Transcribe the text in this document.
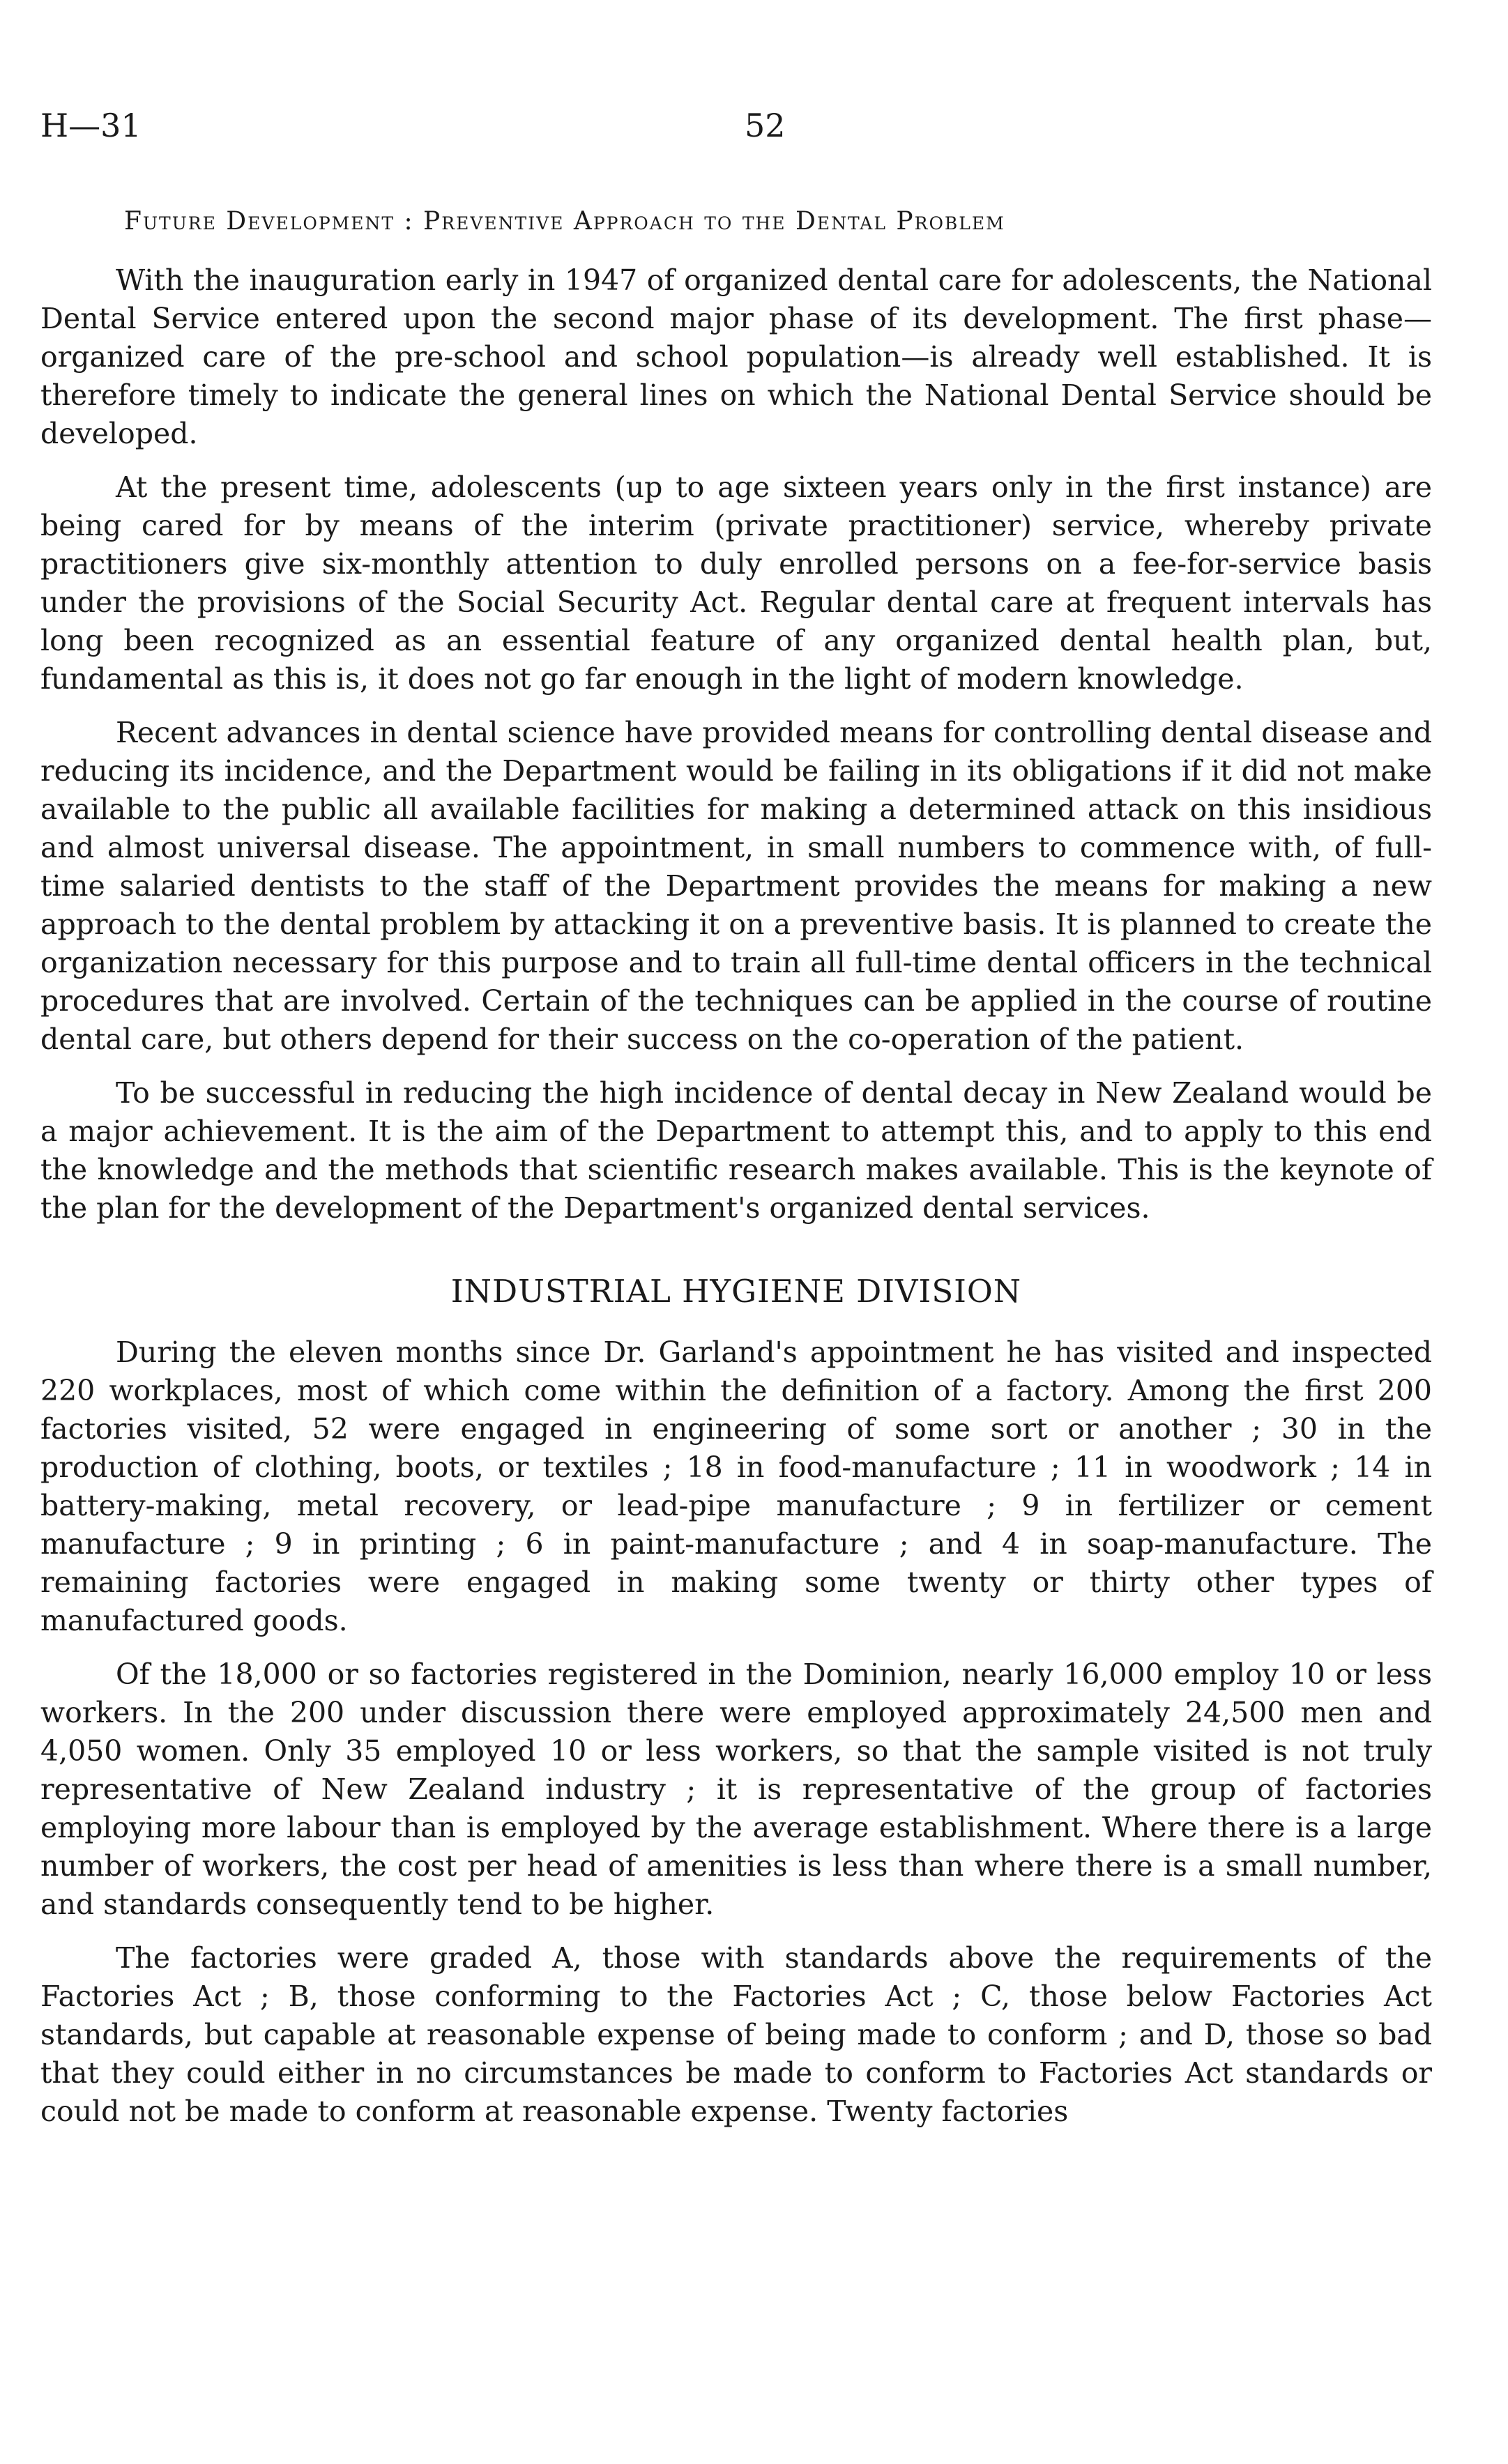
H—31	52
Future Development : Preventive Approach to the Dental Problem

With the inauguration early in 1947 of organized dental care for adolescents, the National Dental Service entered upon the second major phase of its development. The first phase—organized care of the pre-school and school population—is already well established. It is therefore timely to indicate the general lines on which the National Dental Service should be developed.

At the present time, adolescents (up to age sixteen years only in the first instance) are being cared for by means of the interim (private practitioner) service, whereby private practitioners give six-monthly attention to duly enrolled persons on a fee-for-service basis under the provisions of the Social Security Act. Regular dental care at frequent intervals has long been recognized as an essential feature of any organized dental health plan, but, fundamental as this is, it does not go far enough in the light of modern knowledge.

Recent advances in dental science have provided means for controlling dental disease and reducing its incidence, and the Department would be failing in its obligations if it did not make available to the public all available facilities for making a determined attack on this insidious and almost universal disease. The appointment, in small numbers to commence with, of full-time salaried dentists to the staff of the Department provides the means for making a new approach to the dental problem by attacking it on a preventive basis. It is planned to create the organization necessary for this purpose and to train all full-time dental officers in the technical procedures that are involved. Certain of the techniques can be applied in the course of routine dental care, but others depend for their success on the co-operation of the patient.

To be successful in reducing the high incidence of dental decay in New Zealand would be a major achievement. It is the aim of the Department to attempt this, and to apply to this end the knowledge and the methods that scientific research makes available. This is the keynote of the plan for the development of the Department's organized dental services.

INDUSTRIAL HYGIENE DIVISION

During the eleven months since Dr. Garland's appointment he has visited and inspected 220 workplaces, most of which come within the definition of a factory. Among the first 200 factories visited, 52 were engaged in engineering of some sort or another ; 30 in the production of clothing, boots, or textiles ; 18 in food-manufacture ; 11 in woodwork ; 14 in battery-making, metal recovery, or lead-pipe manufacture ; 9 in fertilizer or cement manufacture ; 9 in printing ; 6 in paint-manufacture ; and 4 in soap-manufacture. The remaining factories were engaged in making some twenty or thirty other types of manufactured goods.

Of the 18,000 or so factories registered in the Dominion, nearly 16,000 employ 10 or less workers. In the 200 under discussion there were employed approximately 24,500 men and 4,050 women. Only 35 employed 10 or less workers, so that the sample visited is not truly representative of New Zealand industry ; it is representative of the group of factories employing more labour than is employed by the average establishment. Where there is a large number of workers, the cost per head of amenities is less than where there is a small number, and standards consequently tend to be higher.

The factories were graded A, those with standards above the requirements of the Factories Act ; B, those conforming to the Factories Act ; C, those below Factories Act standards, but capable at reasonable expense of being made to conform ; and D, those so bad that they could either in no circumstances be made to conform to Factories Act standards or could not be made to conform at reasonable expense. Twenty factories
